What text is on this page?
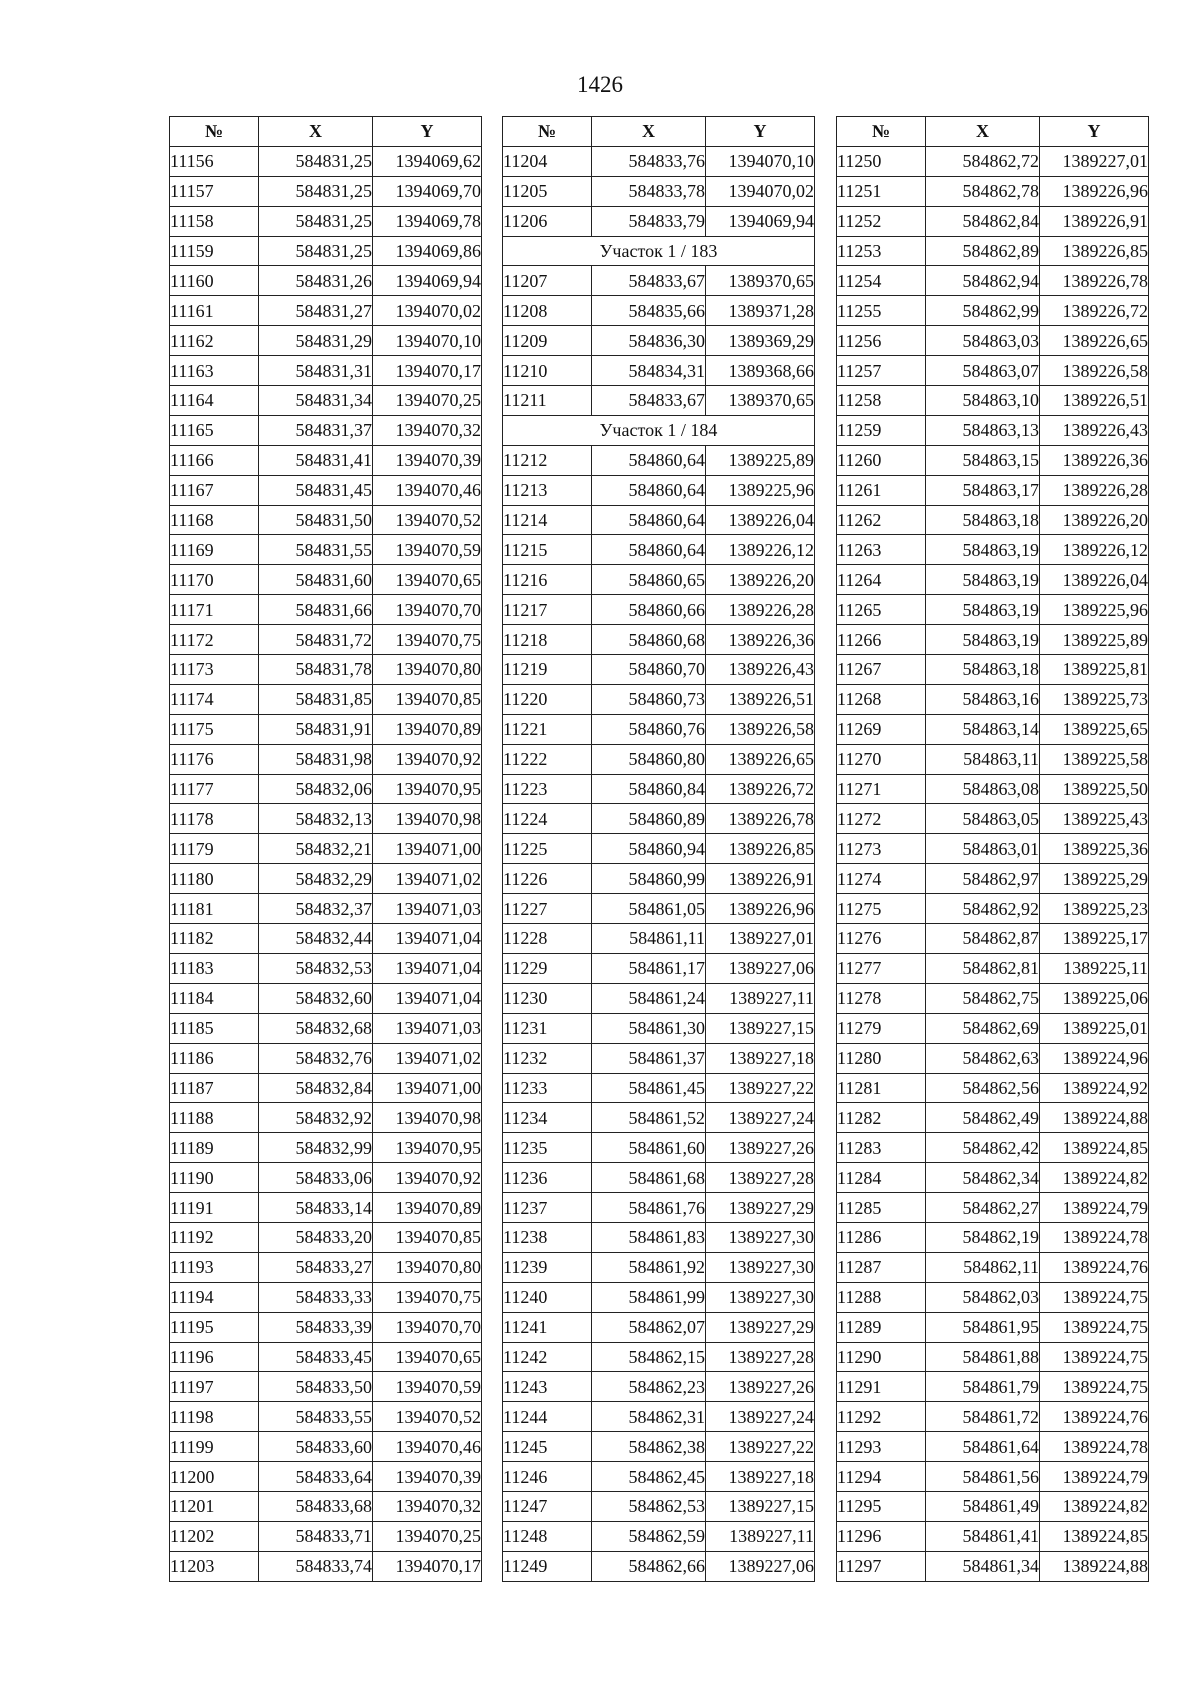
1426
№	X	Y
11156	584831,25	1394069,62
11157	584831,25	1394069,70
11158	584831,25	1394069,78
11159	584831,25	1394069,86
11160	584831,26	1394069,94
11161	584831,27	1394070,02
11162	584831,29	1394070,10
11163	584831,31	1394070,17
11164	584831,34	1394070,25
11165	584831,37	1394070,32
11166	584831,41	1394070,39
11167	584831,45	1394070,46
11168	584831,50	1394070,52
11169	584831,55	1394070,59
11170	584831,60	1394070,65
11171	584831,66	1394070,70
11172	584831,72	1394070,75
11173	584831,78	1394070,80
11174	584831,85	1394070,85
11175	584831,91	1394070,89
11176	584831,98	1394070,92
11177	584832,06	1394070,95
11178	584832,13	1394070,98
11179	584832,21	1394071,00
11180	584832,29	1394071,02
11181	584832,37	1394071,03
11182	584832,44	1394071,04
11183	584832,53	1394071,04
11184	584832,60	1394071,04
11185	584832,68	1394071,03
11186	584832,76	1394071,02
11187	584832,84	1394071,00
11188	584832,92	1394070,98
11189	584832,99	1394070,95
11190	584833,06	1394070,92
11191	584833,14	1394070,89
11192	584833,20	1394070,85
11193	584833,27	1394070,80
11194	584833,33	1394070,75
11195	584833,39	1394070,70
11196	584833,45	1394070,65
11197	584833,50	1394070,59
11198	584833,55	1394070,52
11199	584833,60	1394070,46
11200	584833,64	1394070,39
11201	584833,68	1394070,32
11202	584833,71	1394070,25
11203	584833,74	1394070,17
№	X	Y
11204	584833,76	1394070,10
11205	584833,78	1394070,02
11206	584833,79	1394069,94
Участок 1 / 183		
11207	584833,67	1389370,65
11208	584835,66	1389371,28
11209	584836,30	1389369,29
11210	584834,31	1389368,66
11211	584833,67	1389370,65
Участок 1 / 184		
11212	584860,64	1389225,89
11213	584860,64	1389225,96
11214	584860,64	1389226,04
11215	584860,64	1389226,12
11216	584860,65	1389226,20
11217	584860,66	1389226,28
11218	584860,68	1389226,36
11219	584860,70	1389226,43
11220	584860,73	1389226,51
11221	584860,76	1389226,58
11222	584860,80	1389226,65
11223	584860,84	1389226,72
11224	584860,89	1389226,78
11225	584860,94	1389226,85
11226	584860,99	1389226,91
11227	584861,05	1389226,96
11228	584861,11	1389227,01
11229	584861,17	1389227,06
11230	584861,24	1389227,11
11231	584861,30	1389227,15
11232	584861,37	1389227,18
11233	584861,45	1389227,22
11234	584861,52	1389227,24
11235	584861,60	1389227,26
11236	584861,68	1389227,28
11237	584861,76	1389227,29
11238	584861,83	1389227,30
11239	584861,92	1389227,30
11240	584861,99	1389227,30
11241	584862,07	1389227,29
11242	584862,15	1389227,28
11243	584862,23	1389227,26
11244	584862,31	1389227,24
11245	584862,38	1389227,22
11246	584862,45	1389227,18
11247	584862,53	1389227,15
11248	584862,59	1389227,11
11249	584862,66	1389227,06
№	X	Y
11250	584862,72	1389227,01
11251	584862,78	1389226,96
11252	584862,84	1389226,91
11253	584862,89	1389226,85
11254	584862,94	1389226,78
11255	584862,99	1389226,72
11256	584863,03	1389226,65
11257	584863,07	1389226,58
11258	584863,10	1389226,51
11259	584863,13	1389226,43
11260	584863,15	1389226,36
11261	584863,17	1389226,28
11262	584863,18	1389226,20
11263	584863,19	1389226,12
11264	584863,19	1389226,04
11265	584863,19	1389225,96
11266	584863,19	1389225,89
11267	584863,18	1389225,81
11268	584863,16	1389225,73
11269	584863,14	1389225,65
11270	584863,11	1389225,58
11271	584863,08	1389225,50
11272	584863,05	1389225,43
11273	584863,01	1389225,36
11274	584862,97	1389225,29
11275	584862,92	1389225,23
11276	584862,87	1389225,17
11277	584862,81	1389225,11
11278	584862,75	1389225,06
11279	584862,69	1389225,01
11280	584862,63	1389224,96
11281	584862,56	1389224,92
11282	584862,49	1389224,88
11283	584862,42	1389224,85
11284	584862,34	1389224,82
11285	584862,27	1389224,79
11286	584862,19	1389224,78
11287	584862,11	1389224,76
11288	584862,03	1389224,75
11289	584861,95	1389224,75
11290	584861,88	1389224,75
11291	584861,79	1389224,75
11292	584861,72	1389224,76
11293	584861,64	1389224,78
11294	584861,56	1389224,79
11295	584861,49	1389224,82
11296	584861,41	1389224,85
11297	584861,34	1389224,88
